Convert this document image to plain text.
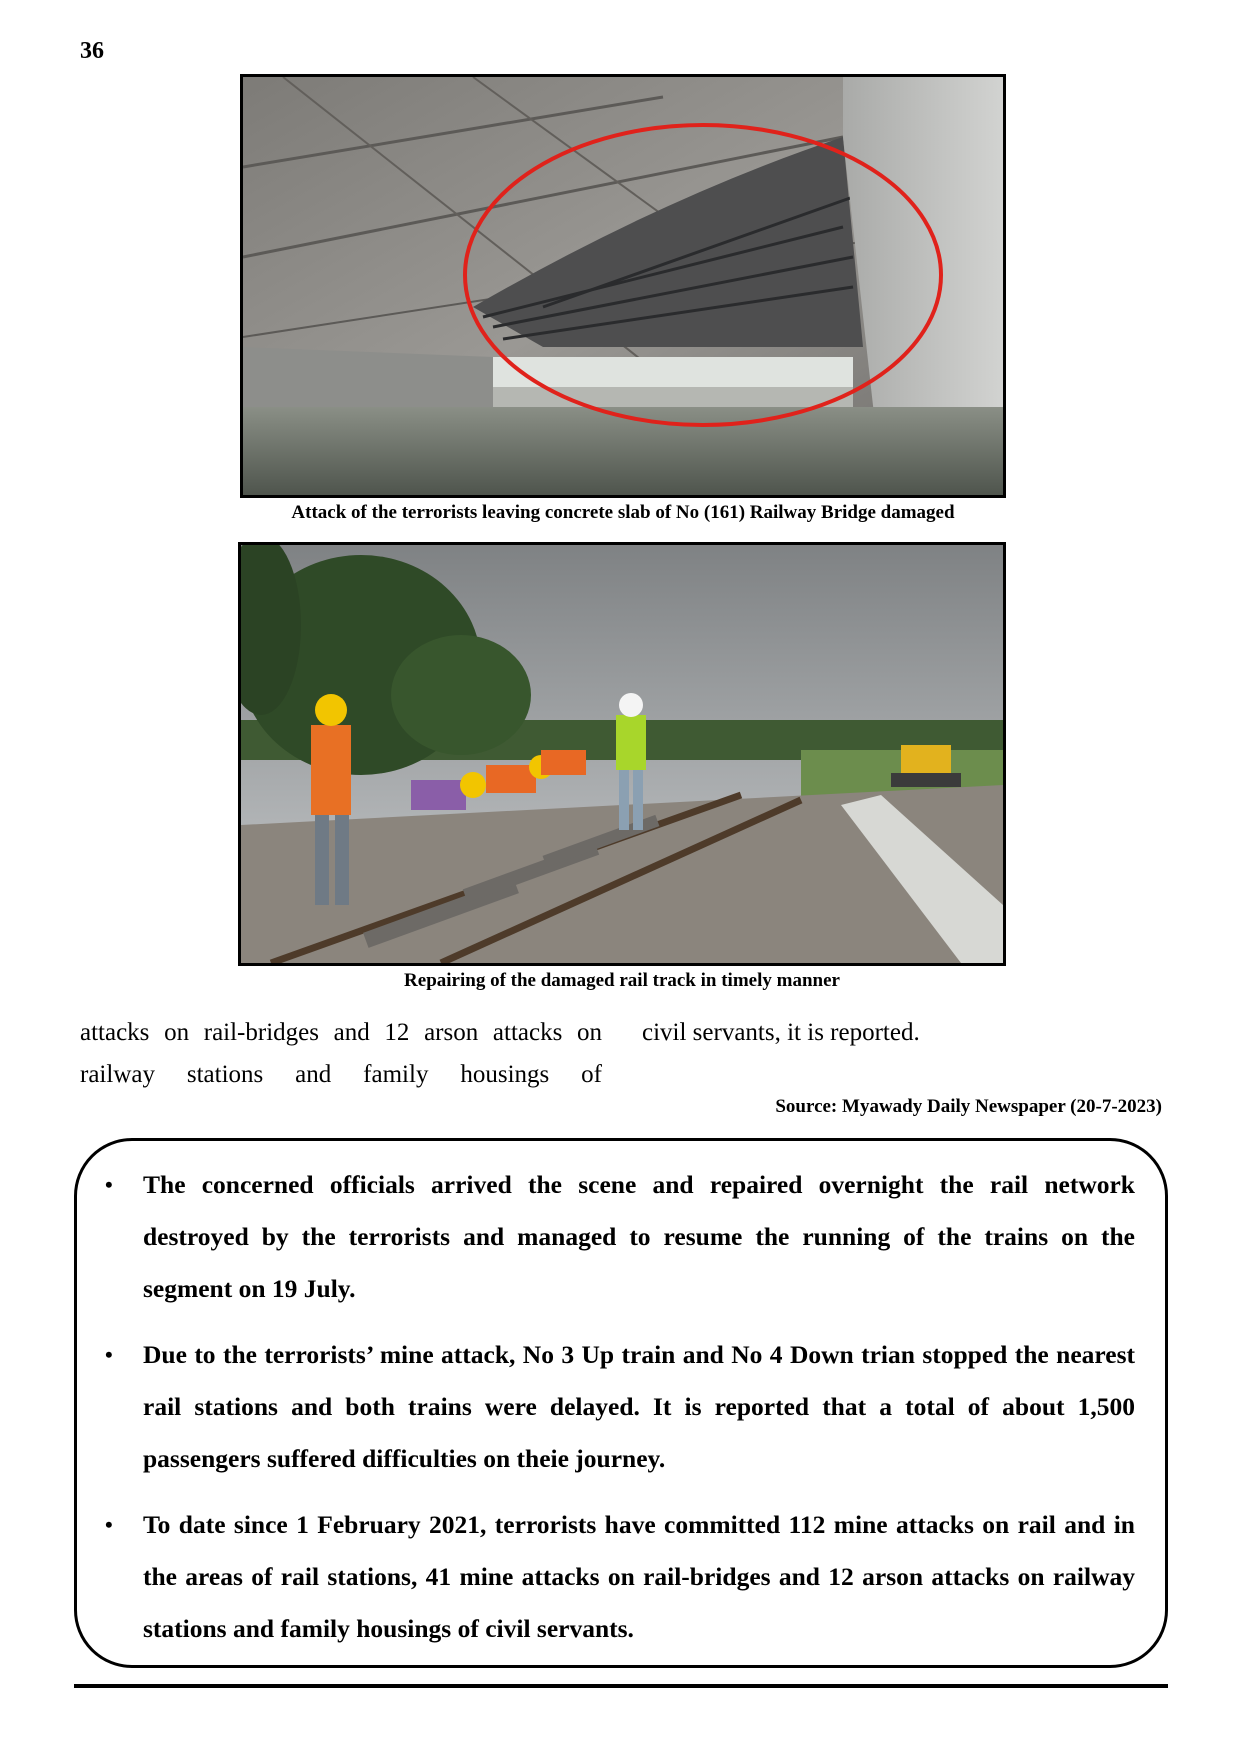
36
Attack of the terrorists leaving concrete slab of No (161) Railway Bridge damaged
Repairing of the damaged rail track in timely manner
attacks on rail-bridges and 12 arson attacks on railway stations and family housings of
civil servants, it is reported.
Source: Myawady Daily Newspaper (20-7-2023)
• The concerned officials arrived the scene and repaired overnight the rail network destroyed by the terrorists and managed to resume the running of the trains on the segment on 19 July.
• Due to the terrorists’ mine attack, No 3 Up train and No 4 Down trian stopped the nearest rail stations and both trains were delayed. It is reported that a total of about 1,500 passengers suffered difficulties on theie journey.
• To date since 1 February 2021, terrorists have committed 112 mine attacks on rail and in the areas of rail stations, 41 mine attacks on rail-bridges and 12 arson attacks on railway stations and family housings of civil servants.
